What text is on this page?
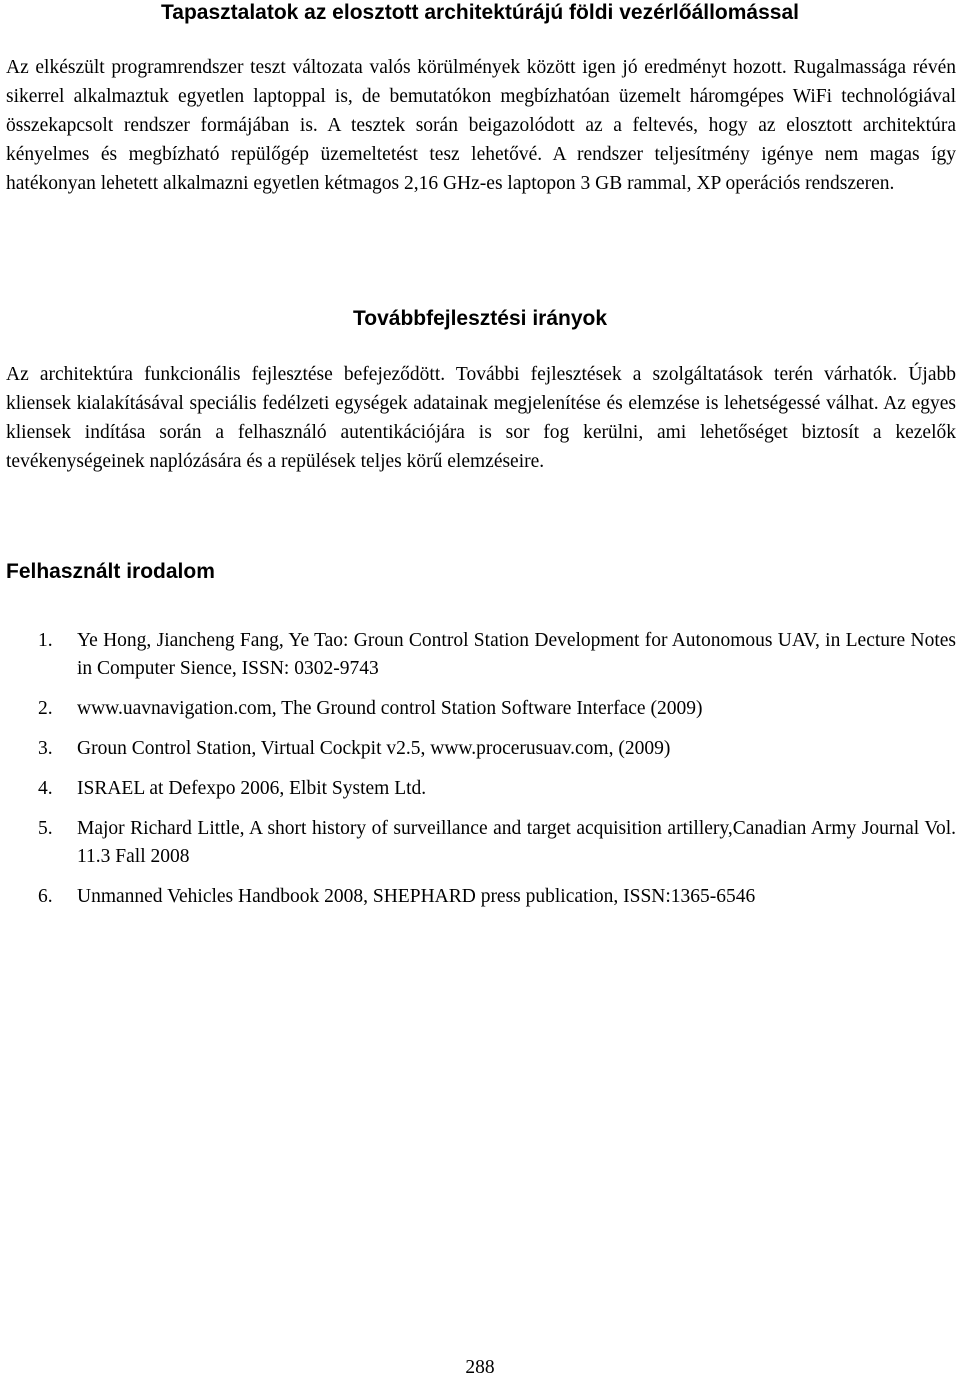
Tapasztalatok az elosztott architektúrájú földi vezérlőállomással

Az elkészült programrendszer teszt változata valós körülmények között igen jó eredményt hozott. Rugalmassága révén sikerrel alkalmaztuk egyetlen laptoppal is, de bemutatókon megbízhatóan üzemelt háromgépes WiFi technológiával összekapcsolt rendszer formájában is. A tesztek során beigazolódott az a feltevés, hogy az elosztott architektúra kényelmes és megbízható repülőgép üzemeltetést tesz lehetővé. A rendszer teljesítmény igénye nem magas így hatékonyan lehetett alkalmazni egyetlen kétmagos 2,16 GHz-es laptopon 3 GB rammal, XP operációs rendszeren.

Továbbfejlesztési irányok

Az architektúra funkcionális fejlesztése befejeződött. További fejlesztések a szolgáltatások terén várhatók. Újabb kliensek kialakításával speciális fedélzeti egységek adatainak megjelenítése és elemzése is lehetségessé válhat. Az egyes kliensek indítása során a felhasználó autentikációjára is sor fog kerülni, ami lehetőséget biztosít a kezelők tevékenységeinek naplózására és a repülések teljes körű elemzéseire.

Felhasznált irodalom
1. Ye Hong, Jiancheng Fang, Ye Tao: Groun Control Station Development for Autonomous UAV, in Lecture Notes in Computer Sience, ISSN: 0302-9743
2. www.uavnavigation.com, The Ground control Station Software Interface (2009)
3. Groun Control Station, Virtual Cockpit v2.5, www.procerusuav.com, (2009)
4. ISRAEL at Defexpo 2006, Elbit System Ltd.
5. Major Richard Little, A short history of surveillance and target acquisition artillery,Canadian Army Journal Vol. 11.3 Fall 2008
6. Unmanned Vehicles Handbook 2008, SHEPHARD press publication, ISSN:1365-6546
288
